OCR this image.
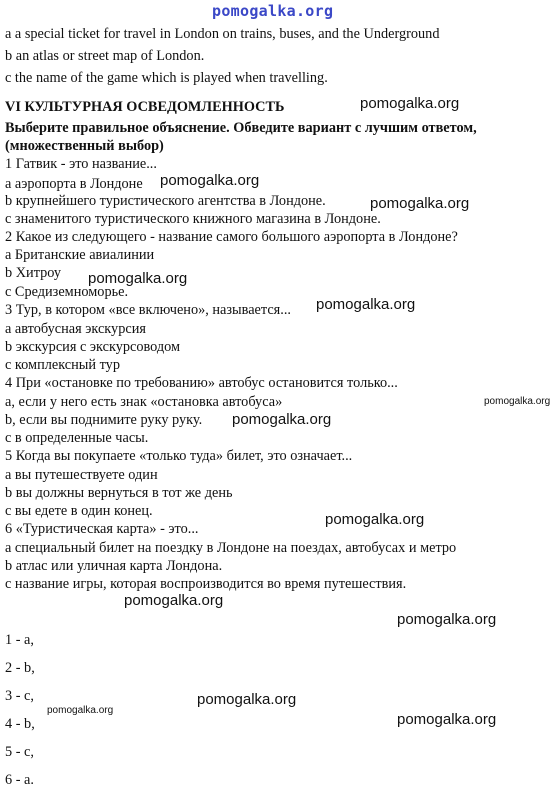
pomogalka.org
a a special ticket for travel in London on trains, buses, and the Underground
b an atlas or street map of London.
c the name of the game which is played when travelling.
VI КУЛЬТУРНАЯ ОСВЕДОМЛЕННОСТЬ
Выберите правильное объяснение. Обведите вариант с лучшим ответом,
(множественный выбор)
1 Гатвик - это название...
a аэропорта в Лондоне
b крупнейшего туристического агентства в Лондоне.
с знаменитого туристического книжного магазина в Лондоне.
2 Какое из следующего - название самого большого аэропорта в Лондоне?
а Британские авиалинии
b Хитроу
с Средиземноморье.
3 Тур, в котором «все включено», называется...
а автобусная экскурсия
b экскурсия с экскурсоводом
с комплексный тур
4 При «остановке по требованию» автобус остановится только...
а, если у него есть знак «остановка автобуса»
b, если вы поднимите руку руку.
с в определенные часы.
5 Когда вы покупаете «только туда» билет, это означает...
а вы путешествуете один
b вы должны вернуться в тот же день
с вы едете в один конец.
6 «Туристическая карта» - это...
а специальный билет на поездку в Лондоне на поездах, автобусах и метро
b атлас или уличная карта Лондона.
с название игры, которая воспроизводится во время путешествия.
1 - a,
2 - b,
3 - c,
4 - b,
5 - c,
6 - a.
pomogalka.org
pomogalka.org
pomogalka.org
pomogalka.org
pomogalka.org
pomogalka.org
pomogalka.org
pomogalka.org
pomogalka.org
pomogalka.org
pomogalka.org
pomogalka.org
pomogalka.org
